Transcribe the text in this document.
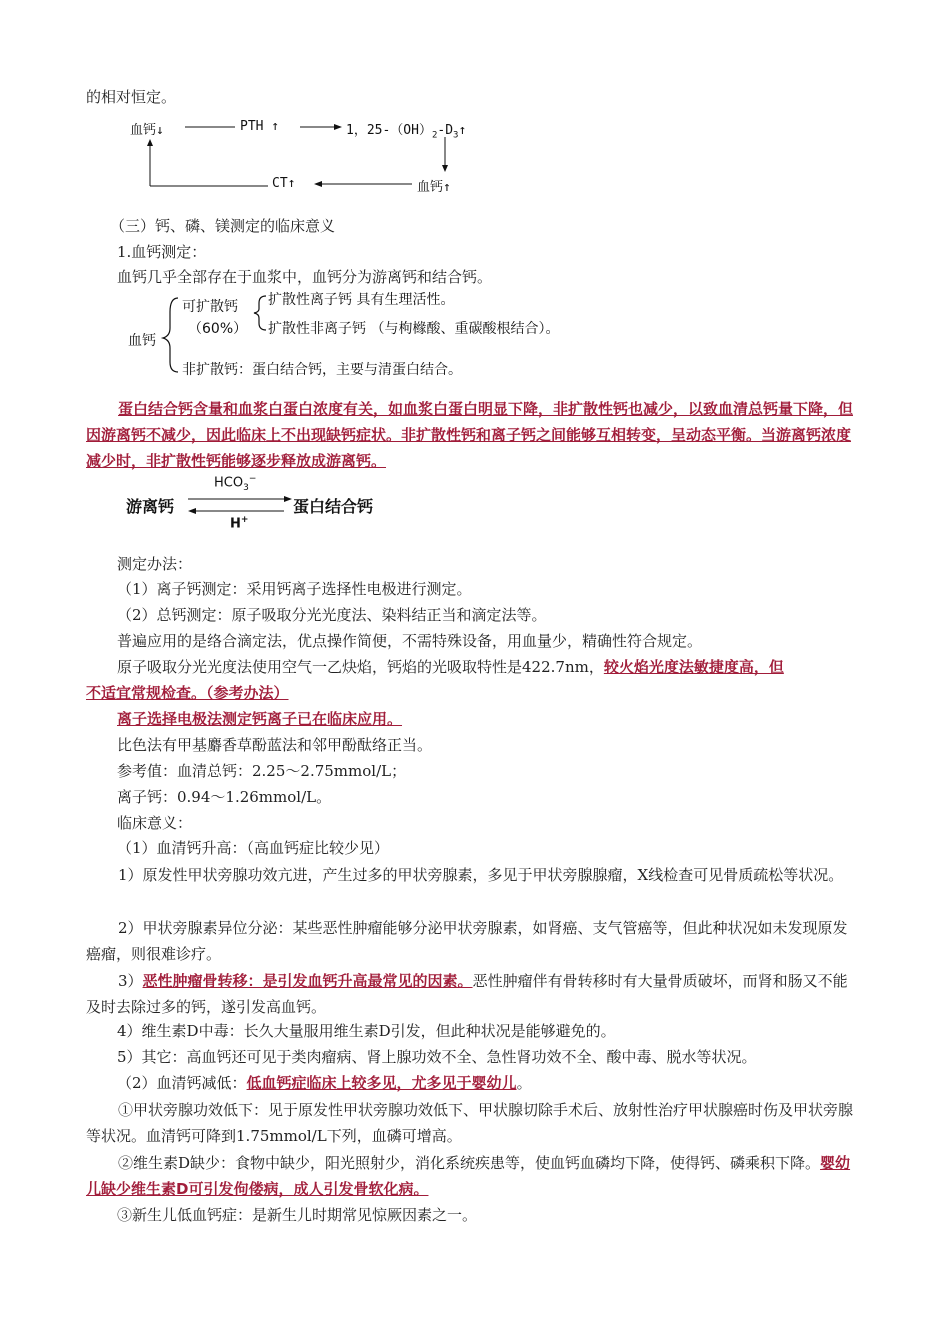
的相对恒定。
血钙↓	PTH ↑	1，$25-(OH)_2-D_3↑$
血钙↑
CT↑
（三）钙、磷、镁测定的临床意义
1.血钙测定：
血钙几乎全部存在于血浆中，血钙分为游离钙和结合钙。
血钙
可扩散钙
（60%）
扩散性离子钙 具有生理活性。
扩散性非离子钙 （与枸橼酸、重碳酸根结合）。
非扩散钙：蛋白结合钙，主要与清蛋白结合。
蛋白结合钙含量和血浆白蛋白浓度有关，如血浆白蛋白明显下降，非扩散性钙也减少，以致血清总钙量下降，但因游离钙不减少，因此临床上不出现缺钙症状。非扩散性钙和离子钙之间能够互相转变，呈动态平衡。当游离钙浓度减少时，非扩散性钙能够逐步释放成游离钙。
游离钙	蛋白结合钙
$HCO_3^-$
H+
测定办法：
（1）离子钙测定：采用钙离子选择性电极进行测定。
（2）总钙测定：原子吸取分光光度法、染料结正当和滴定法等。
普遍应用的是络合滴定法，优点操作简便，不需特殊设备，用血量少，精确性符合规定。
原子吸取分光光度法使用空气一乙炔焰，钙焰的光吸取特性是422.7nm，较火焰光度法敏捷度高，但
不适宜常规检查。（参考办法）
离子选择电极法测定钙离子已在临床应用。
比色法有甲基麝香草酚蓝法和邻甲酚酞络正当。
参考值：血清总钙：2.25～2.75mmol/L；
离子钙：0.94～1.26mmol/L。
临床意义：
（1）血清钙升高：（高血钙症比较少见）
1）原发性甲状旁腺功效亢进，产生过多的甲状旁腺素，多见于甲状旁腺腺瘤，X线检查可见骨质疏松等状况。
2）甲状旁腺素异位分泌：某些恶性肿瘤能够分泌甲状旁腺素，如肾癌、支气管癌等，但此种状况如未发现原发癌瘤，则很难诊疗。
3）恶性肿瘤骨转移：是引发血钙升高最常见的因素。恶性肿瘤伴有骨转移时有大量骨质破坏，而肾和肠又不能及时去除过多的钙，遂引发高血钙。
4）维生素D中毒：长久大量服用维生素D引发，但此种状况是能够避免的。
5）其它：高血钙还可见于类肉瘤病、肾上腺功效不全、急性肾功效不全、酸中毒、脱水等状况。
（2）血清钙减低：低血钙症临床上较多见，尤多见于婴幼儿。
①甲状旁腺功效低下：见于原发性甲状旁腺功效低下、甲状腺切除手术后、放射性治疗甲状腺癌时伤及甲状旁腺等状况。血清钙可降到1.75mmol/L下列，血磷可增高。
②维生素D缺少：食物中缺少，阳光照射少，消化系统疾患等，使血钙血磷均下降，使得钙、磷乘积下降。婴幼儿缺少维生素D可引发佝偻病，成人引发骨软化病。
③新生儿低血钙症：是新生儿时期常见惊厥因素之一。
